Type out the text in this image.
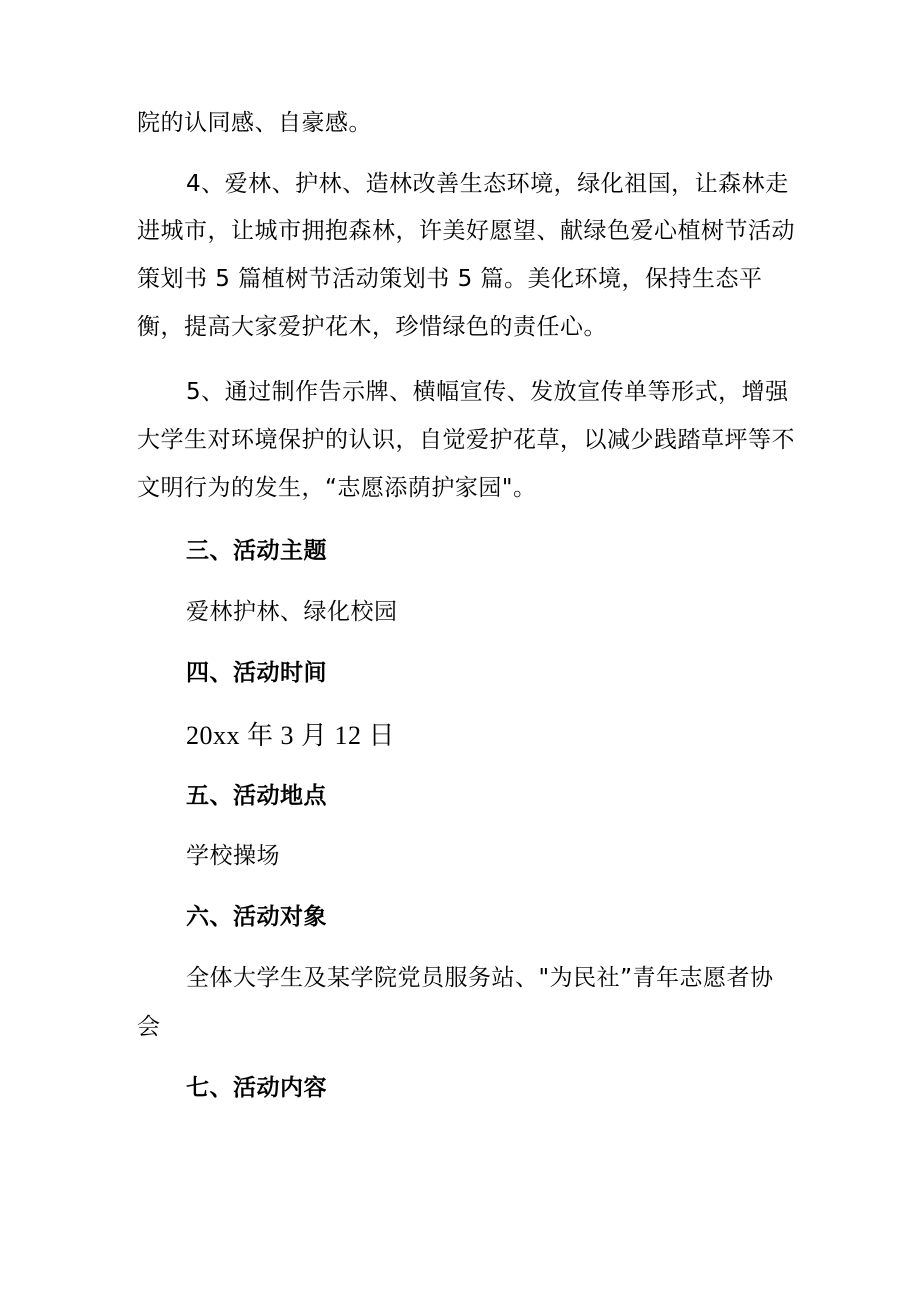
院的认同感、自豪感。
4、爱林、护林、造林改善生态环境，绿化祖国，让森林走
进城市，让城市拥抱森林，许美好愿望、献绿色爱心植树节活动
策划书 5 篇植树节活动策划书 5 篇。美化环境，保持生态平
衡，提高大家爱护花木，珍惜绿色的责任心。
5、通过制作告示牌、横幅宣传、发放宣传单等形式，增强
大学生对环境保护的认识，自觉爱护花草，以减少践踏草坪等不
文明行为的发生，“志愿添荫护家园"。
三、活动主题
爱林护林、绿化校园
四、活动时间
20xx 年 3 月 12 日
五、活动地点
学校操场
六、活动对象
全体大学生及某学院党员服务站、"为民社”青年志愿者协
会
七、活动内容
